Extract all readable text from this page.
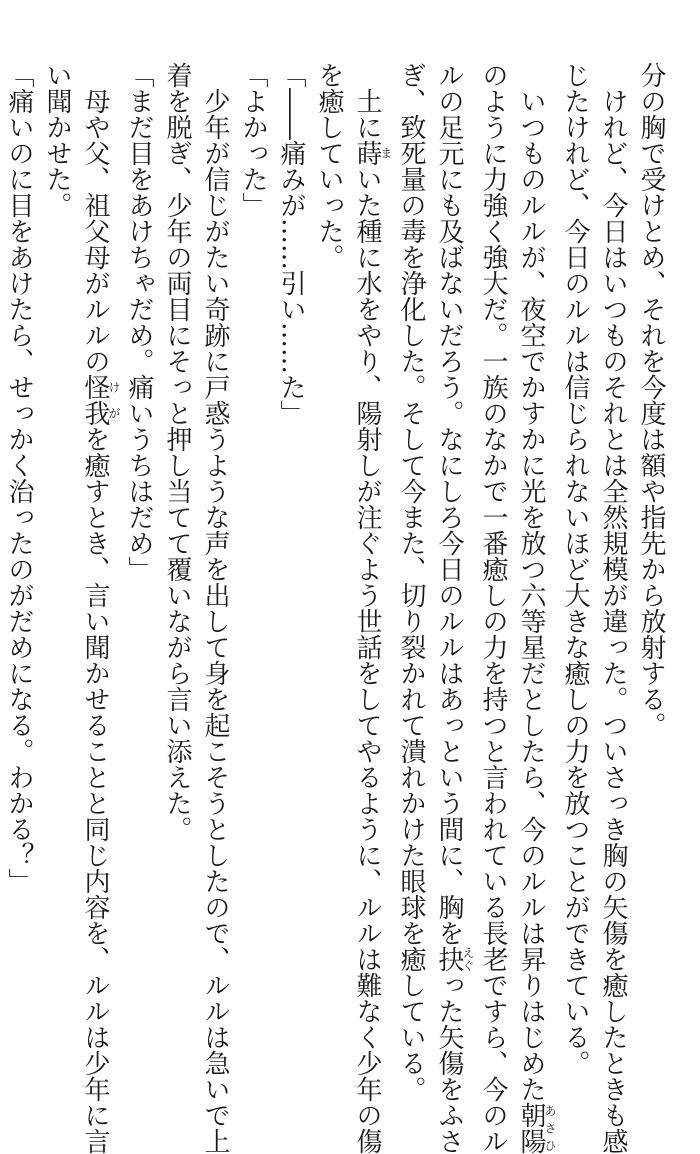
分の胸で受けとめ、それを今度は額や指先から放射する。
けれど、今日はいつものそれとは全然規模が違った。ついさっき胸の矢傷を癒したときも感
じたけれど、今日のルルは信じられないほど大きな癒しの力を放つことができている。
いつものルルが、夜空でかすかに光を放つ六等星だとしたら、今のルルは昇りはじめた朝陽あさひ
のように力強く強大だ。一族のなかで一番癒しの力を持つと言われている長老ですら、今のル
ルの足元にも及ばないだろう。なにしろ今日のルルはあっという間に、胸を抉えぐった矢傷をふさ
ぎ、致死量の毒を浄化した。そして今また、切り裂かれて潰れかけた眼球を癒している。
土に蒔まいた種に水をやり、陽射しが注ぐよう世話をしてやるように、ルルは難なく少年の傷
を癒していった。
「――痛みが……引い……た」
「よかった」
少年が信じがたい奇跡に戸惑うような声を出して身を起こそうとしたので、ルルは急いで上
着を脱ぎ、少年の両目にそっと押し当てて覆いながら言い添えた。
「まだ目をあけちゃだめ。痛いうちはだめ」
母や父、祖父母がルルの怪我けがを癒すとき、言い聞かせることと同じ内容を、ルルは少年に言
い聞かせた。
「痛いのに目をあけたら、せっかく治ったのがだめになる。わかる？」
